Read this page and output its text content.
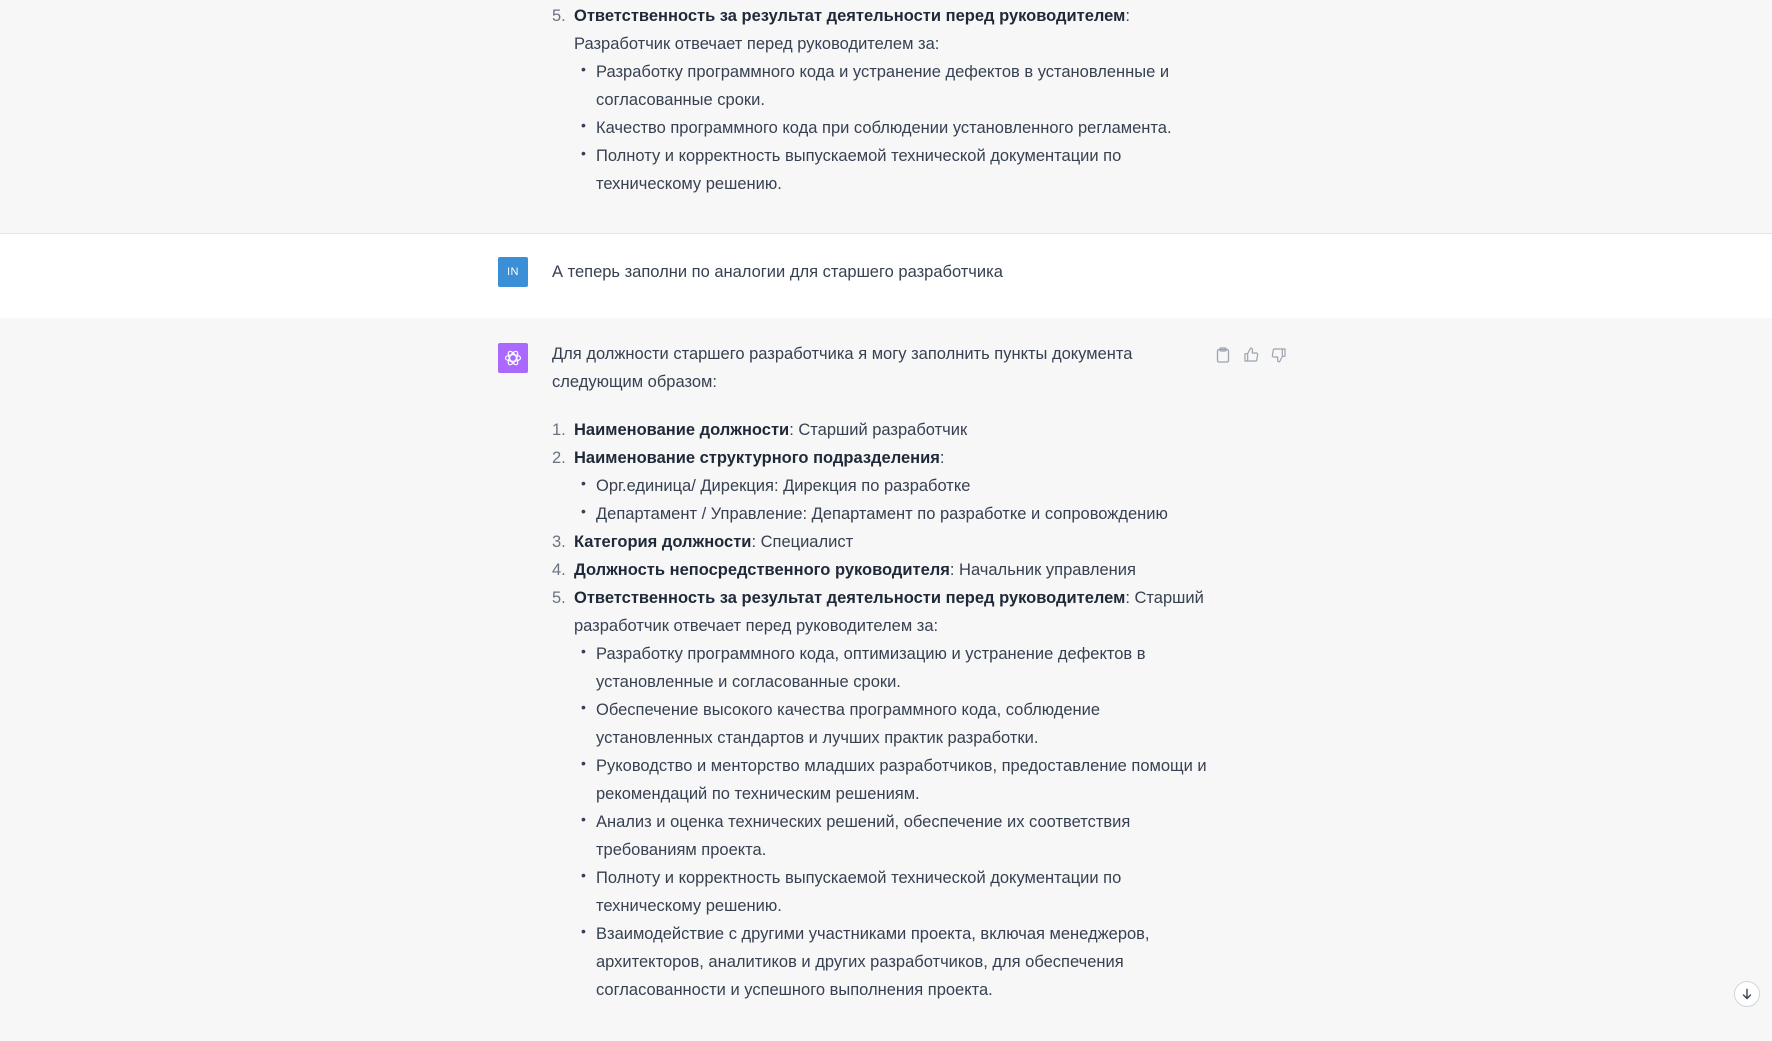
5. Ответственность за результат деятельности перед руководителем:
Разработчик отвечает перед руководителем за:
• Разработку программного кода и устранение дефектов в установленные и согласованные сроки.
• Качество программного кода при соблюдении установленного регламента.
• Полноту и корректность выпускаемой технической документации по техническому решению.
IN А теперь заполни по аналогии для старшего разработчика

Для должности старшего разработчика я могу заполнить пункты документа следующим образом:

1. Наименование должности: Старший разработчик
2. Наименование структурного подразделения:
• Орг.единица/ Дирекция: Дирекция по разработке
• Департамент / Управление: Департамент по разработке и сопровождению
3. Категория должности: Специалист
4. Должность непосредственного руководителя: Начальник управления
5. Ответственность за результат деятельности перед руководителем: Старший разработчик отвечает перед руководителем за:
• Разработку программного кода, оптимизацию и устранение дефектов в установленные и согласованные сроки.
• Обеспечение высокого качества программного кода, соблюдение установленных стандартов и лучших практик разработки.
• Руководство и менторство младших разработчиков, предоставление помощи и рекомендаций по техническим решениям.
• Анализ и оценка технических решений, обеспечение их соответствия требованиям проекта.
• Полноту и корректность выпускаемой технической документации по техническому решению.
• Взаимодействие с другими участниками проекта, включая менеджеров, архитекторов, аналитиков и других разработчиков, для обеспечения согласованности и успешного выполнения проекта.
